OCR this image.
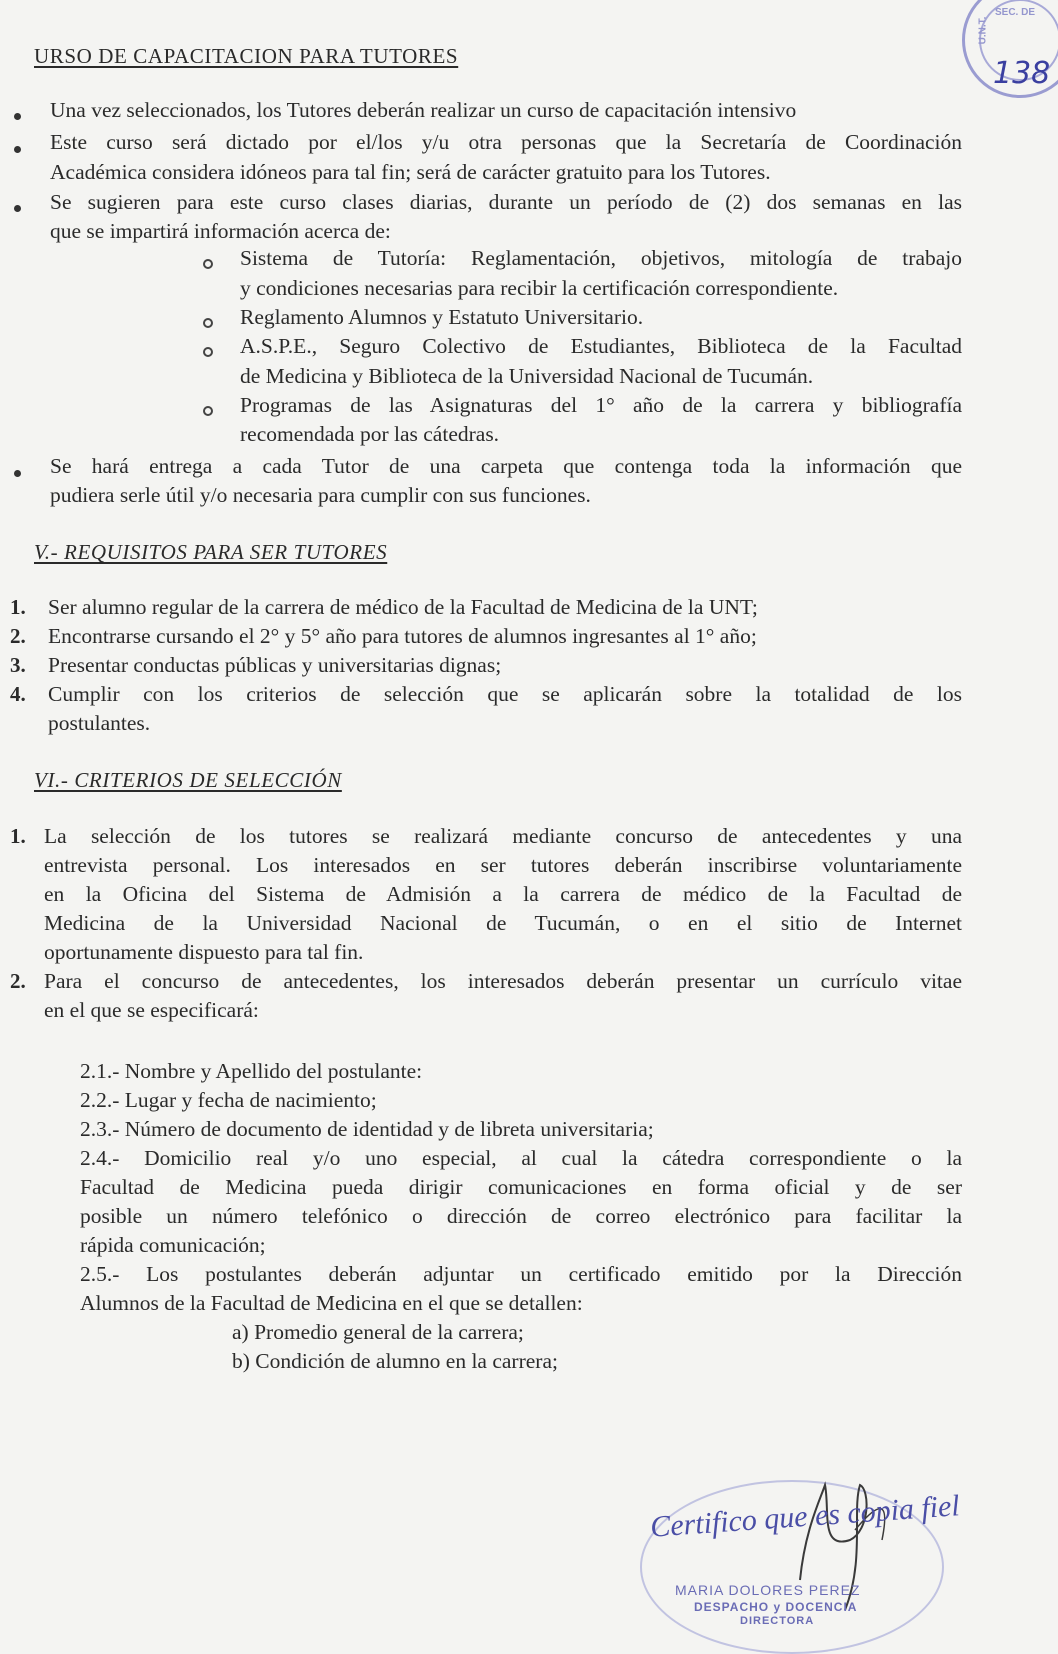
SEC. DE
U.N.T.
138
URSO DE CAPACITACION PARA TUTORES
Una vez seleccionados, los Tutores deberán realizar un curso de capacitación intensivo
Este curso será dictado por el/los y/u otra personas que la Secretaría de Coordinación
Académica considera idóneos para tal fin; será de carácter gratuito para los Tutores.
Se sugieren para este curso clases diarias, durante un período de (2) dos semanas en las
que se impartirá información acerca de:
Sistema de Tutoría: Reglamentación, objetivos, mitología de trabajo
y condiciones necesarias para recibir la certificación correspondiente.
Reglamento Alumnos y Estatuto Universitario.
A.S.P.E., Seguro Colectivo de Estudiantes, Biblioteca de la Facultad
de Medicina y Biblioteca de la Universidad Nacional de Tucumán.
Programas de las Asignaturas del 1° año de la carrera y bibliografía
recomendada por las cátedras.
Se hará entrega a cada Tutor de una carpeta que contenga toda la información que
pudiera serle útil y/o necesaria para cumplir con sus funciones.
V.- REQUISITOS PARA SER TUTORES
1. Ser alumno regular de la carrera de médico de la Facultad de Medicina de la UNT;
2. Encontrarse cursando el 2° y 5° año para tutores de alumnos ingresantes al 1° año;
3. Presentar conductas públicas y universitarias dignas;
4. Cumplir con los criterios de selección que se aplicarán sobre la totalidad de los
postulantes.
VI.- CRITERIOS DE SELECCIÓN
1. La selección de los tutores se realizará mediante concurso de antecedentes y una
entrevista personal. Los interesados en ser tutores deberán inscribirse voluntariamente
en la Oficina del Sistema de Admisión a la carrera de médico de la Facultad de
Medicina de la Universidad Nacional de Tucumán, o en el sitio de Internet
oportunamente dispuesto para tal fin.
2. Para el concurso de antecedentes, los interesados deberán presentar un currículo vitae
en el que se especificará:
2.1.- Nombre y Apellido del postulante:
2.2.- Lugar y fecha de nacimiento;
2.3.- Número de documento de identidad y de libreta universitaria;
2.4.- Domicilio real y/o uno especial, al cual la cátedra correspondiente o la
Facultad de Medicina pueda dirigir comunicaciones en forma oficial y de ser
posible un número telefónico o dirección de correo electrónico para facilitar la
rápida comunicación;
2.5.- Los postulantes deberán adjuntar un certificado emitido por la Dirección
Alumnos de la Facultad de Medicina en el que se detallen:
a) Promedio general de la carrera;
b) Condición de alumno en la carrera;
Certifico que es copia fiel
MARIA DOLORES PEREZ
DESPACHO y DOCENCIA
DIRECTORA
